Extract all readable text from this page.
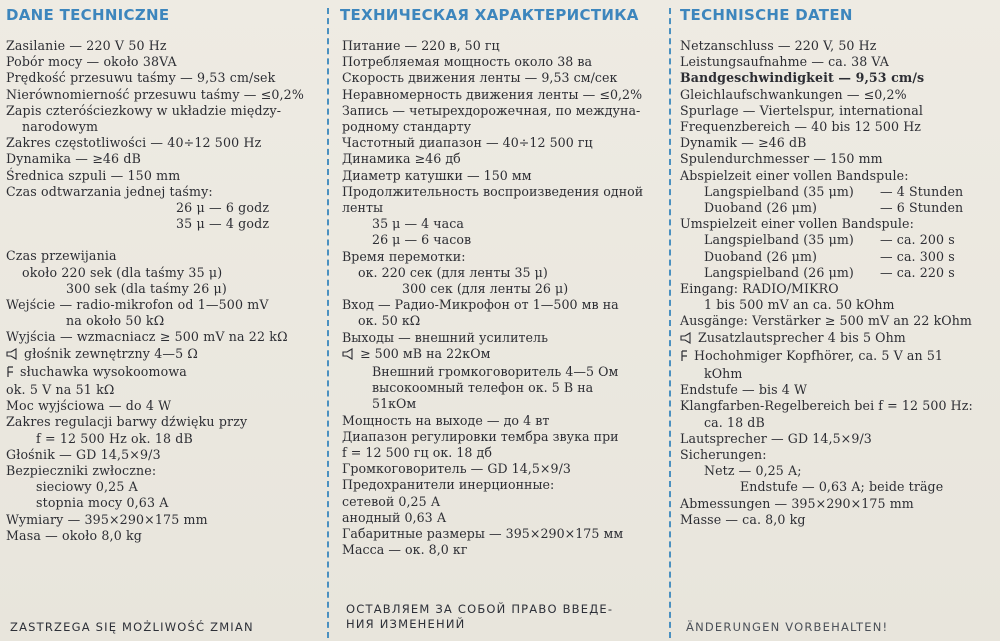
DANE TECHNICZNE
Zasilanie — 220 V 50 Hz
Pobór mocy — około 38VA
Prędkość przesuwu taśmy — 9,53 cm/sek
Nierównomierność przesuwu taśmy — ≤0,2%
Zapis czteróściezkowy w układzie między-
narodowym
Zakres częstotliwości — 40÷12 500 Hz
Dynamika — ≥46 dB
Średnica szpuli — 150 mm
Czas odtwarzania jednej taśmy:
26 μ — 6 godz
35 μ — 4 godz
Czas przewijania
około 220 sek (dla taśmy 35 μ)
300 sek (dla taśmy 26 μ)
Wejście — radio-mikrofon od 1—500 mV
na około 50 kΩ
Wyjścia — wzmacniacz ≥ 500 mV na 22 kΩ
głośnik zewnętrzny 4—5 Ω
słuchawka wysokoomowa
ok. 5 V na 51 kΩ
Moc wyjściowa — do 4 W
Zakres regulacji barwy dźwięku przy
f = 12 500 Hz ok. 18 dB
Głośnik — GD 14,5×9/3
Bezpieczniki zwłoczne:
sieciowy 0,25 A
stopnia mocy 0,63 A
Wymiary — 395×290×175 mm
Masa — około 8,0 kg
ZASTRZEGA SIĘ MOŻLIWOŚĆ ZMIAN
ТЕХНИЧЕСКАЯ ХАРАКТЕРИСТИКА
Питание — 220 в, 50 гц
Потребляемая мощность около 38 ва
Скорость движения ленты — 9,53 см/сек
Неравномерность движения ленты — ≤0,2%
Запись — четырехдорожечная, по междуна-
родному стандарту
Частотный диапазон — 40÷12 500 гц
Динамика ≥46 дб
Диаметр катушки — 150 мм
Продолжительность воспроизведения одной
ленты
35 μ — 4 часа
26 μ — 6 часов
Время перемотки:
ок. 220 сек (для ленты 35 μ)
300 сек (для ленты 26 μ)
Вход — Радио-Микрофон от 1—500 мв на
ок. 50 кΩ
Выходы — внешний усилитель
≥ 500 мВ на 22кОм
Внешний громкоговоритель 4—5 Ом
высокоомный телефон ок. 5 В на
51кОм
Мощность на выходе — до 4 вт
Диапазон регулировки тембра звука при
f = 12 500 гц ок. 18 дб
Громкоговоритель — GD 14,5×9/3
Предохранители инерционные:
сетевой 0,25 А
анодный 0,63 А
Габаритные размеры — 395×290×175 мм
Масса — ок. 8,0 кг
ОСТАВЛЯЕМ ЗА СОБОЙ ПРАВО ВВЕДЕ-
НИЯ ИЗМЕНЕНИЙ
TECHNISCHE DATEN
Netzanschluss — 220 V, 50 Hz
Leistungsaufnahme — ca. 38 VA
Bandgeschwindigkeit — 9,53 cm/s
Gleichlaufschwankungen — ≤0,2%
Spurlage — Viertelspur, international
Frequenzbereich — 40 bis 12 500 Hz
Dynamik — ≥46 dB
Spulendurchmesser — 150 mm
Abspielzeit einer vollen Bandspule:
Langspielband (35 μm)	— 4 Stunden
Duoband (26 μm)	— 6 Stunden
Umspielzeit einer vollen Bandspule:
Langspielband (35 μm)	— ca. 200 s
Duoband (26 μm)	— ca. 300 s
Langspielband (26 μm)	— ca. 220 s
Eingang: RADIO/MIKRO
1 bis 500 mV an ca. 50 kOhm
Ausgänge: Verstärker ≥ 500 mV an 22 kOhm
Zusatzlautsprecher 4 bis 5 Ohm
Hochohmiger Kopfhörer, ca. 5 V an 51
kOhm
Endstufe — bis 4 W
Klangfarben-Regelbereich bei f = 12 500 Hz:
ca. 18 dB
Lautsprecher — GD 14,5×9/3
Sicherungen:
Netz — 0,25 A;
Endstufe — 0,63 A; beide träge
Abmessungen — 395×290×175 mm
Masse — ca. 8,0 kg
ÄNDERUNGEN VORBEHALTEN!
